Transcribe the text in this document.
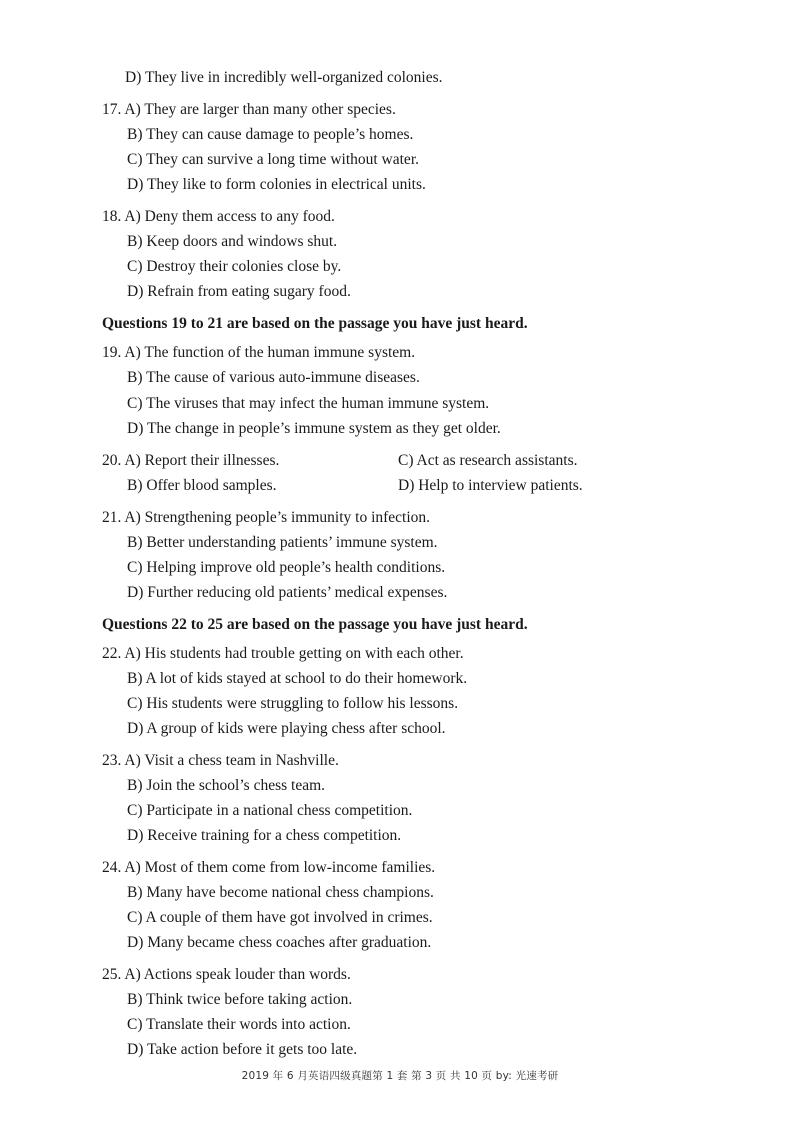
D) They live in incredibly well-organized colonies.
17. A) They are larger than many other species.
B) They can cause damage to people’s homes.
C) They can survive a long time without water.
D) They like to form colonies in electrical units.
18. A) Deny them access to any food.
B) Keep doors and windows shut.
C) Destroy their colonies close by.
D) Refrain from eating sugary food.
Questions 19 to 21 are based on the passage you have just heard.
19. A) The function of the human immune system.
B) The cause of various auto-immune diseases.
C) The viruses that may infect the human immune system.
D) The change in people’s immune system as they get older.
20. A) Report their illnesses.	C) Act as research assistants.
B) Offer blood samples.	D) Help to interview patients.
21. A) Strengthening people’s immunity to infection.
B) Better understanding patients’ immune system.
C) Helping improve old people’s health conditions.
D) Further reducing old patients’ medical expenses.
Questions 22 to 25 are based on the passage you have just heard.
22. A) His students had trouble getting on with each other.
B) A lot of kids stayed at school to do their homework.
C) His students were struggling to follow his lessons.
D) A group of kids were playing chess after school.
23. A) Visit a chess team in Nashville.
B) Join the school’s chess team.
C) Participate in a national chess competition.
D) Receive training for a chess competition.
24. A) Most of them come from low-income families.
B) Many have become national chess champions.
C) A couple of them have got involved in crimes.
D) Many became chess coaches after graduation.
25. A) Actions speak louder than words.
B) Think twice before taking action.
C) Translate their words into action.
D) Take action before it gets too late.
2019 年 6 月英语四级真题第 1 套 第 3 页 共 10 页 by: 光速考研
